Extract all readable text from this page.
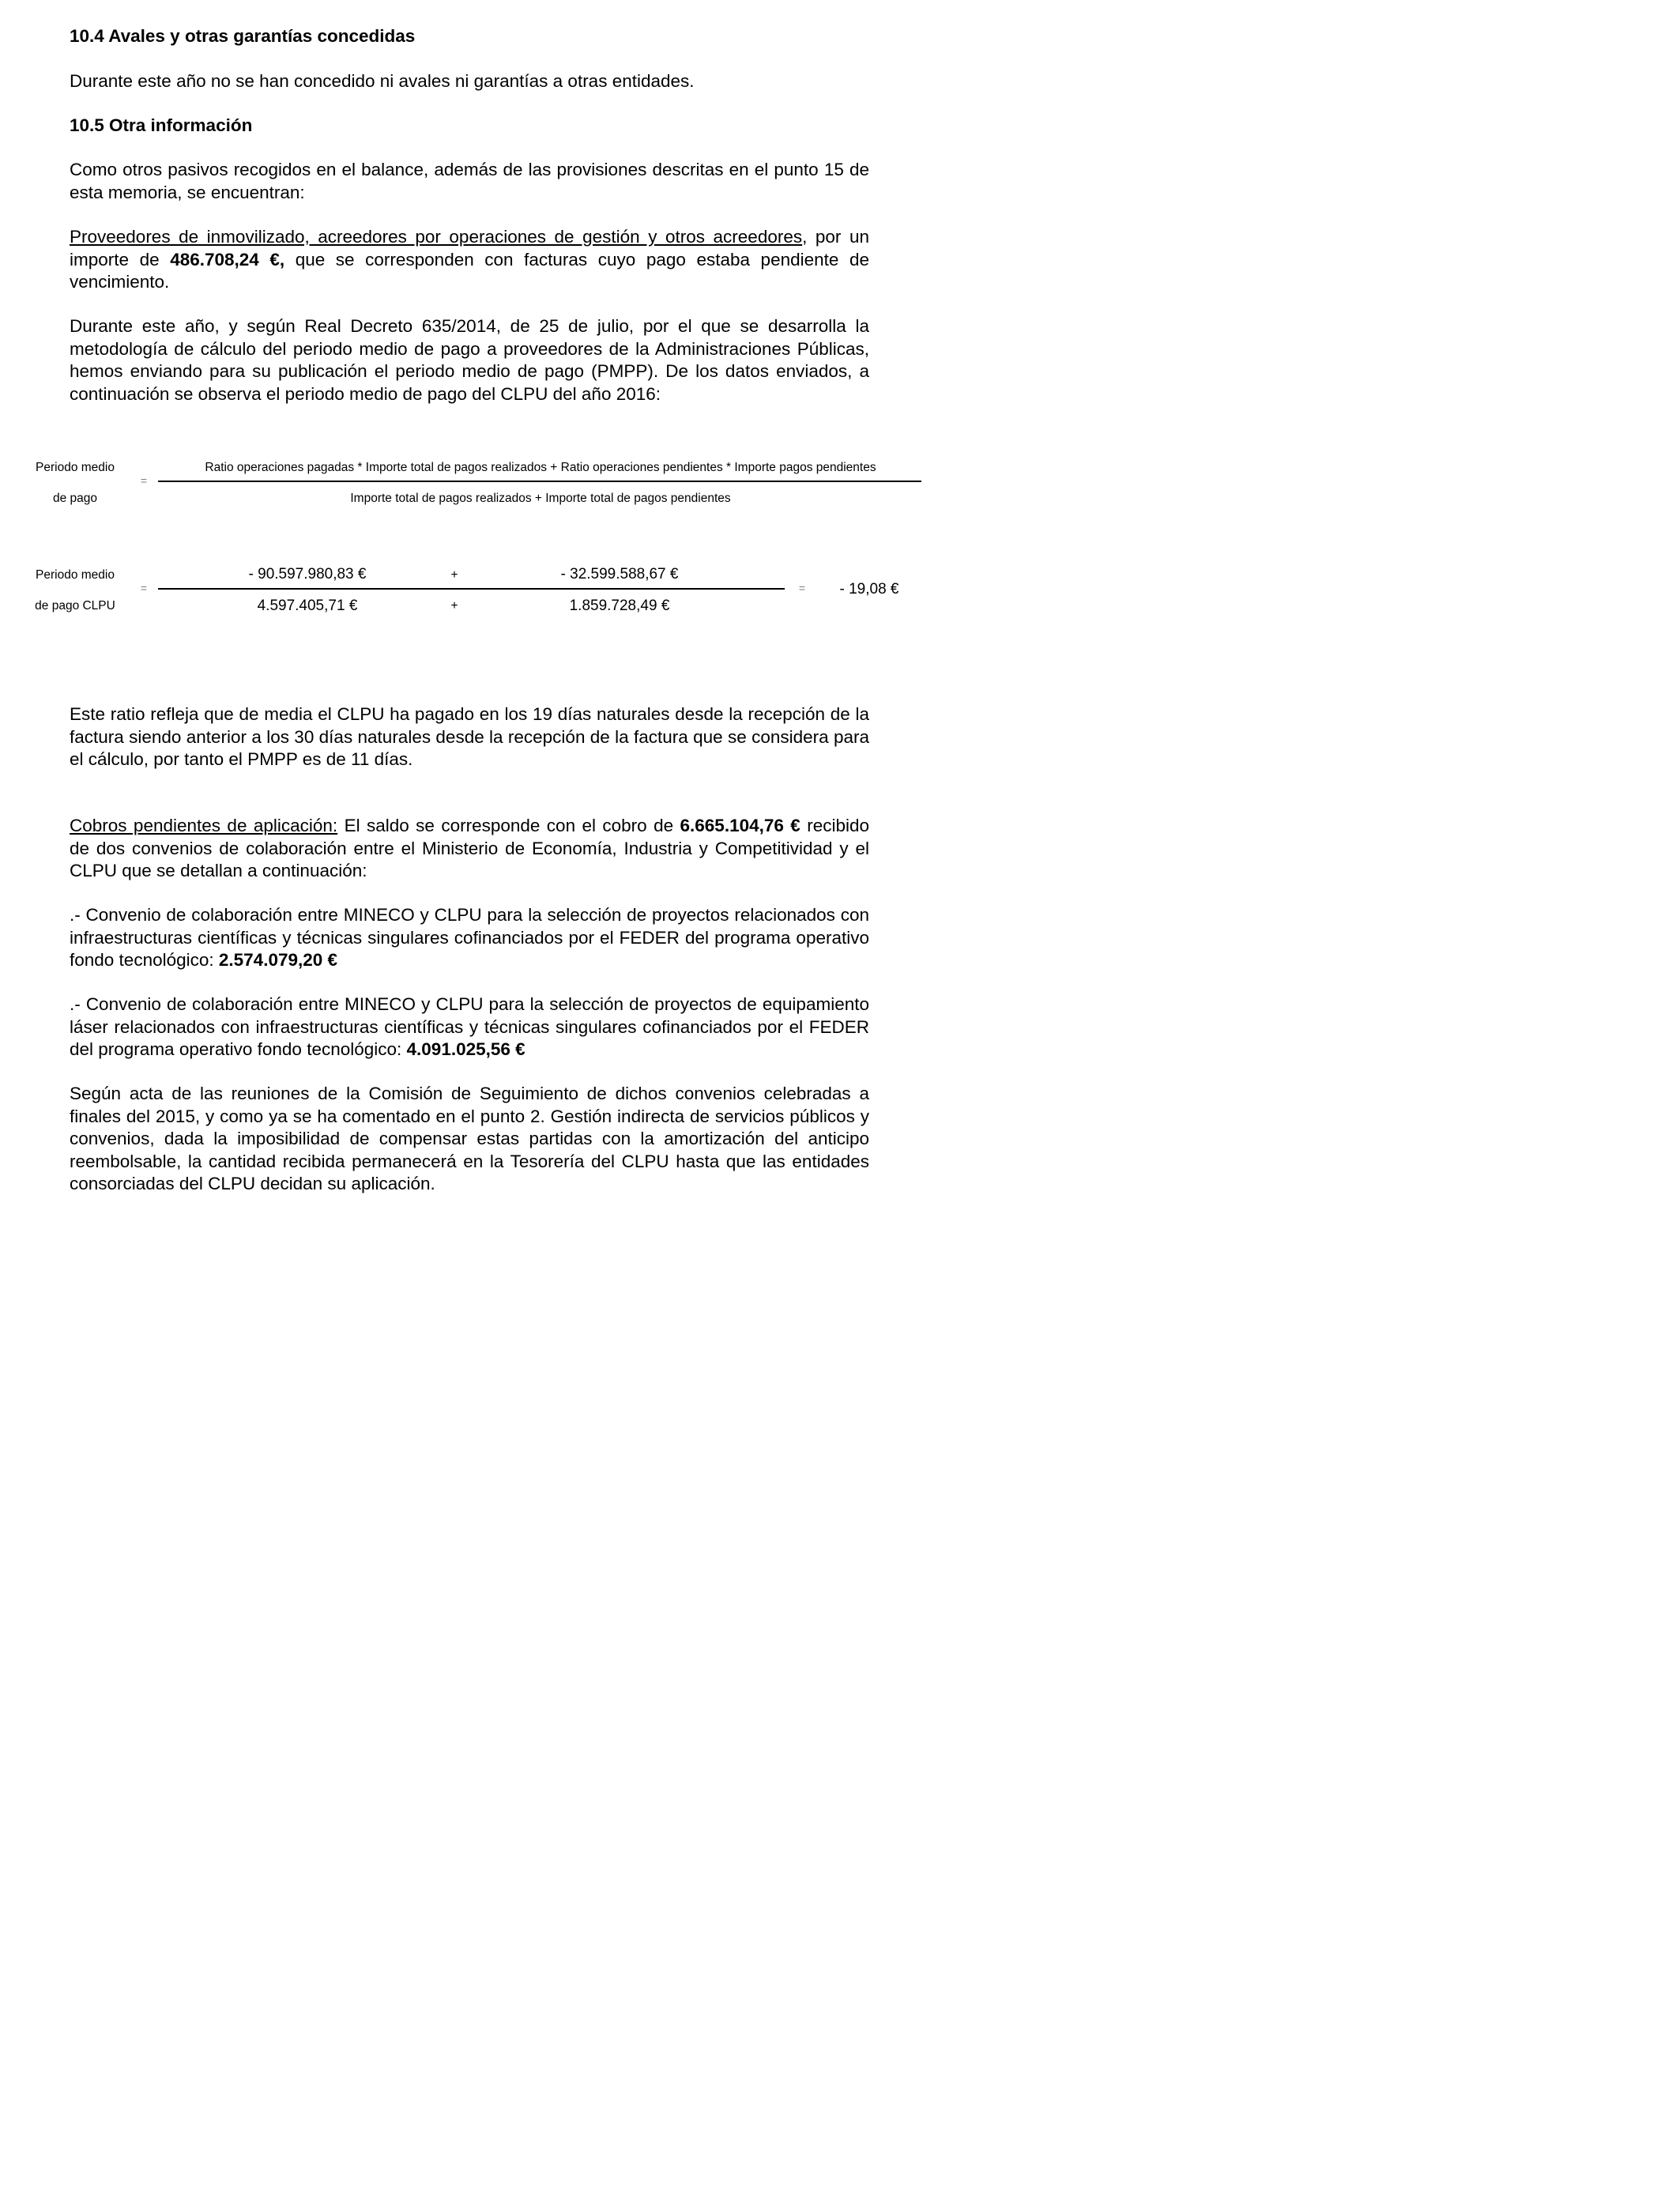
10.4 Avales y otras garantías concedidas

Durante este año no se han concedido ni avales ni garantías a otras entidades.

10.5 Otra información

Como otros pasivos recogidos en el balance, además de las provisiones descritas en el punto 15 de esta memoria, se encuentran:

Proveedores de inmovilizado, acreedores por operaciones de gestión y otros acreedores, por un importe de 486.708,24 €, que se corresponden con facturas cuyo pago estaba pendiente de vencimiento.

Durante este año, y según Real Decreto 635/2014, de 25 de julio, por el que se desarrolla la metodología de cálculo del periodo medio de pago a proveedores de la Administraciones Públicas, hemos enviando para su publicación el periodo medio de pago (PMPP). De los datos enviados, a continuación se observa el periodo medio de pago del CLPU del año 2016:

Periodo medio
de pago
=
Ratio operaciones pagadas * Importe total de pagos realizados + Ratio operaciones pendientes * Importe pagos pendientes
Importe total de pagos realizados + Importe total de pagos pendientes
Periodo medio
de pago CLPU
=
- 90.597.980,83 €	+	- 32.599.588,67 €
4.597.405,71 €	+	1.859.728,49 €
= - 19,08 €

Este ratio refleja que de media el CLPU ha pagado en los 19 días naturales desde la recepción de la factura siendo anterior a los 30 días naturales desde la recepción de la factura que se considera para el cálculo, por tanto el PMPP es de 11 días.

Cobros pendientes de aplicación: El saldo se corresponde con el cobro de 6.665.104,76 € recibido de dos convenios de colaboración entre el Ministerio de Economía, Industria y Competitividad y el CLPU que se detallan a continuación:

.- Convenio de colaboración entre MINECO y CLPU para la selección de proyectos relacionados con infraestructuras científicas y técnicas singulares cofinanciados por el FEDER del programa operativo fondo tecnológico: 2.574.079,20 €

.- Convenio de colaboración entre MINECO y CLPU para la selección de proyectos de equipamiento láser relacionados con infraestructuras científicas y técnicas singulares cofinanciados por el FEDER del programa operativo fondo tecnológico: 4.091.025,56 €

Según acta de las reuniones de la Comisión de Seguimiento de dichos convenios celebradas a finales del 2015, y como ya se ha comentado en el punto 2. Gestión indirecta de servicios públicos y convenios, dada la imposibilidad de compensar estas partidas con la amortización del anticipo reembolsable, la cantidad recibida permanecerá en la Tesorería del CLPU hasta que las entidades consorciadas del CLPU decidan su aplicación.
